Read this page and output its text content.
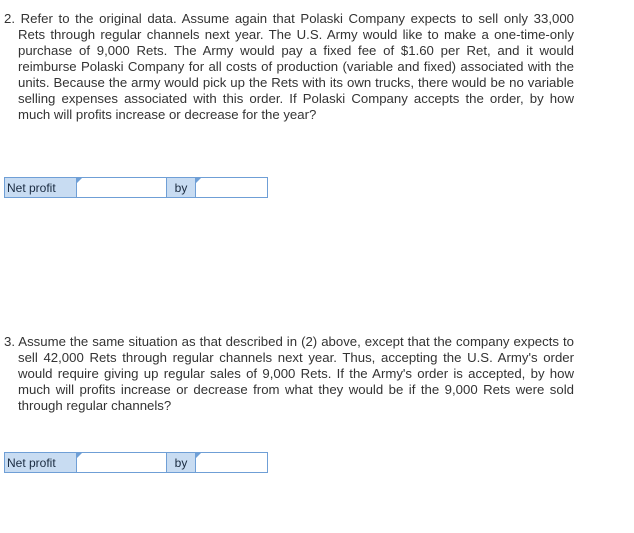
2. Refer to the original data. Assume again that Polaski Company expects to sell only 33,000 Rets through regular channels next year. The U.S. Army would like to make a one-time-only purchase of 9,000 Rets. The Army would pay a fixed fee of $1.60 per Ret, and it would reimburse Polaski Company for all costs of production (variable and fixed) associated with the units. Because the army would pick up the Rets with its own trucks, there would be no variable selling expenses associated with this order. If Polaski Company accepts the order, by how much will profits increase or decrease for the year?

Net profit	by

3. Assume the same situation as that described in (2) above, except that the company expects to sell 42,000 Rets through regular channels next year. Thus, accepting the U.S. Army's order would require giving up regular sales of 9,000 Rets. If the Army's order is accepted, by how much will profits increase or decrease from what they would be if the 9,000 Rets were sold through regular channels?

Net profit	by
